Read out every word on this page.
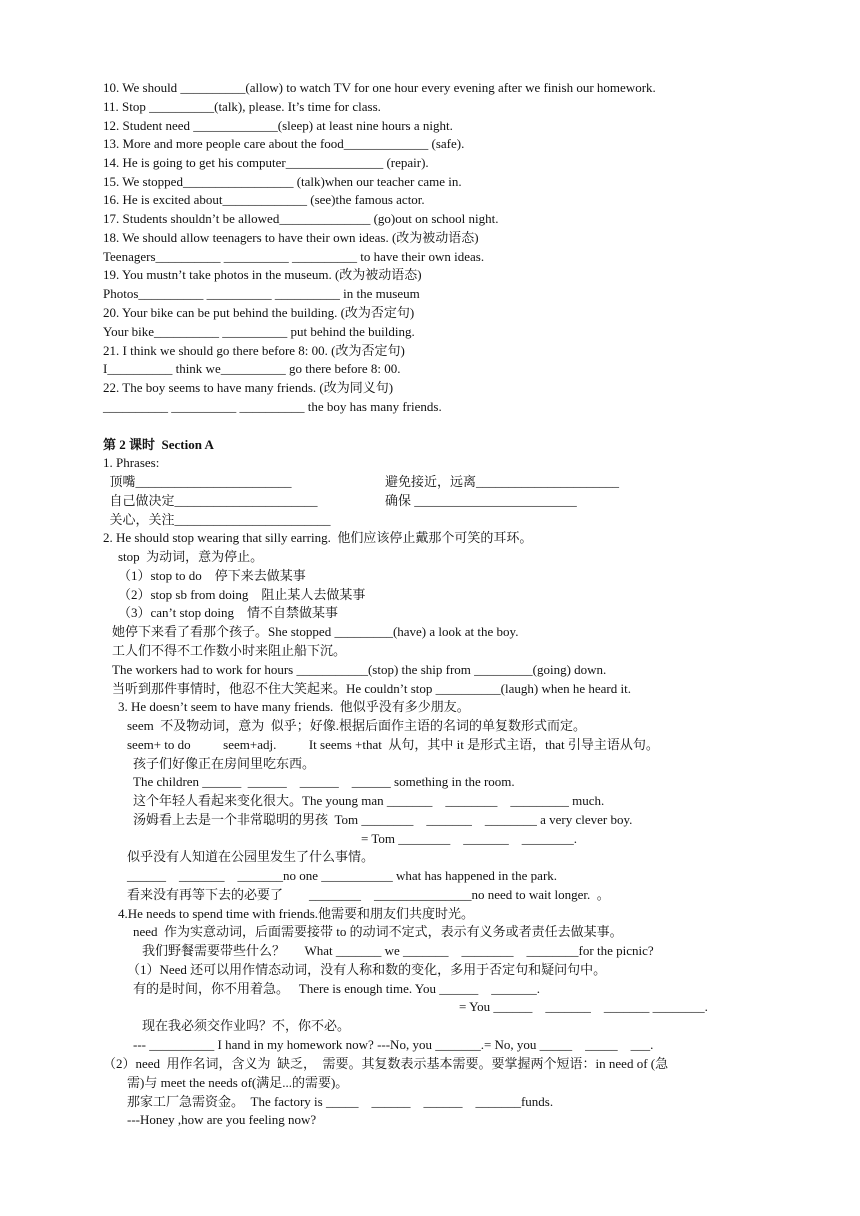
10. We should __________(allow) to watch TV for one hour every evening after we finish our homework.
11. Stop __________(talk), please. It’s time for class.
12. Student need _____________(sleep) at least nine hours a night.
13. More and more people care about the food_____________ (safe).
14. He is going to get his computer_______________ (repair).
15. We stopped_________________ (talk)when our teacher came in.
16. He is excited about_____________ (see)the famous actor.
17. Students shouldn’t be allowed______________ (go)out on school night.
18. We should allow teenagers to have their own ideas. (改为被动语态)
Teenagers__________ __________ __________ to have their own ideas.
19. You mustn’t take photos in the museum. (改为被动语态)
Photos__________ __________ __________ in the museum
20. Your bike can be put behind the building. (改为否定句)
Your bike__________ __________ put behind the building.
21. I think we should go there before 8: 00. (改为否定句)
I__________ think we__________ go there before 8: 00.
22. The boy seems to have many friends. (改为同义句)
__________ __________ __________ the boy has many friends.
第 2 课时  Section A
1. Phrases:
顶嘴________________________	避免接近，远离______________________
自己做决定______________________	确保 _________________________
关心，关注________________________
2. He should stop wearing that silly earring.  他们应该停止戴那个可笑的耳环。
stop  为动词，意为停止。
（1）stop to do    停下来去做某事
（2）stop sb from doing    阻止某人去做某事
（3）can’t stop doing    情不自禁做某事
她停下来看了看那个孩子。She stopped _________(have) a look at the boy.
工人们不得不工作数小时来阻止船下沉。
The workers had to work for hours ___________(stop) the ship from _________(going) down.
当听到那件事情时，他忍不住大笑起来。He couldn’t stop __________(laugh) when he heard it.
3. He doesn’t seem to have many friends.  他似乎没有多少朋友。
seem  不及物动词，意为  似乎；好像.根据后面作主语的名词的单复数形式而定。
seem+ to do          seem+adj.          It seems +that  从句，其中 it 是形式主语，that 引导主语从句。
孩子们好像正在房间里吃东西。
The children ______  ______    ______    ______ something in the room.
这个年轻人看起来变化很大。The young man _______    ________    _________ much.
汤姆看上去是一个非常聪明的男孩  Tom ________    _______    ________ a very clever boy.
= Tom ________    _______    ________.
似乎没有人知道在公园里发生了什么事情。
______    _______    _______no one ___________ what has happened in the park.
看来没有再等下去的必要了        ________    _______________no need to wait longer.  。
4.He needs to spend time with friends.他需要和朋友们共度时光。
need  作为实意动词，后面需要接带 to 的动词不定式，表示有义务或者责任去做某事。
我们野餐需要带些什么？      What _______ we _______    ________    ________for the picnic?
（1）Need 还可以用作情态动词，没有人称和数的变化，多用于否定句和疑问句中。
有的是时间，你不用着急。   There is enough time. You ______    _______.
= You ______    _______    _______ ________.
现在我必须交作业吗？不，你不必。
--- __________ I hand in my homework now? ---No, you _______.= No, you _____    _____    ___.
（2）need  用作名词，含义为  缺乏，  需要。其复数表示基本需要。要掌握两个短语：in need of (急
需)与 meet the needs of(满足...的需要)。
那家工厂急需资金。  The factory is _____    ______    ______    _______funds.
---Honey ,how are you feeling now?
